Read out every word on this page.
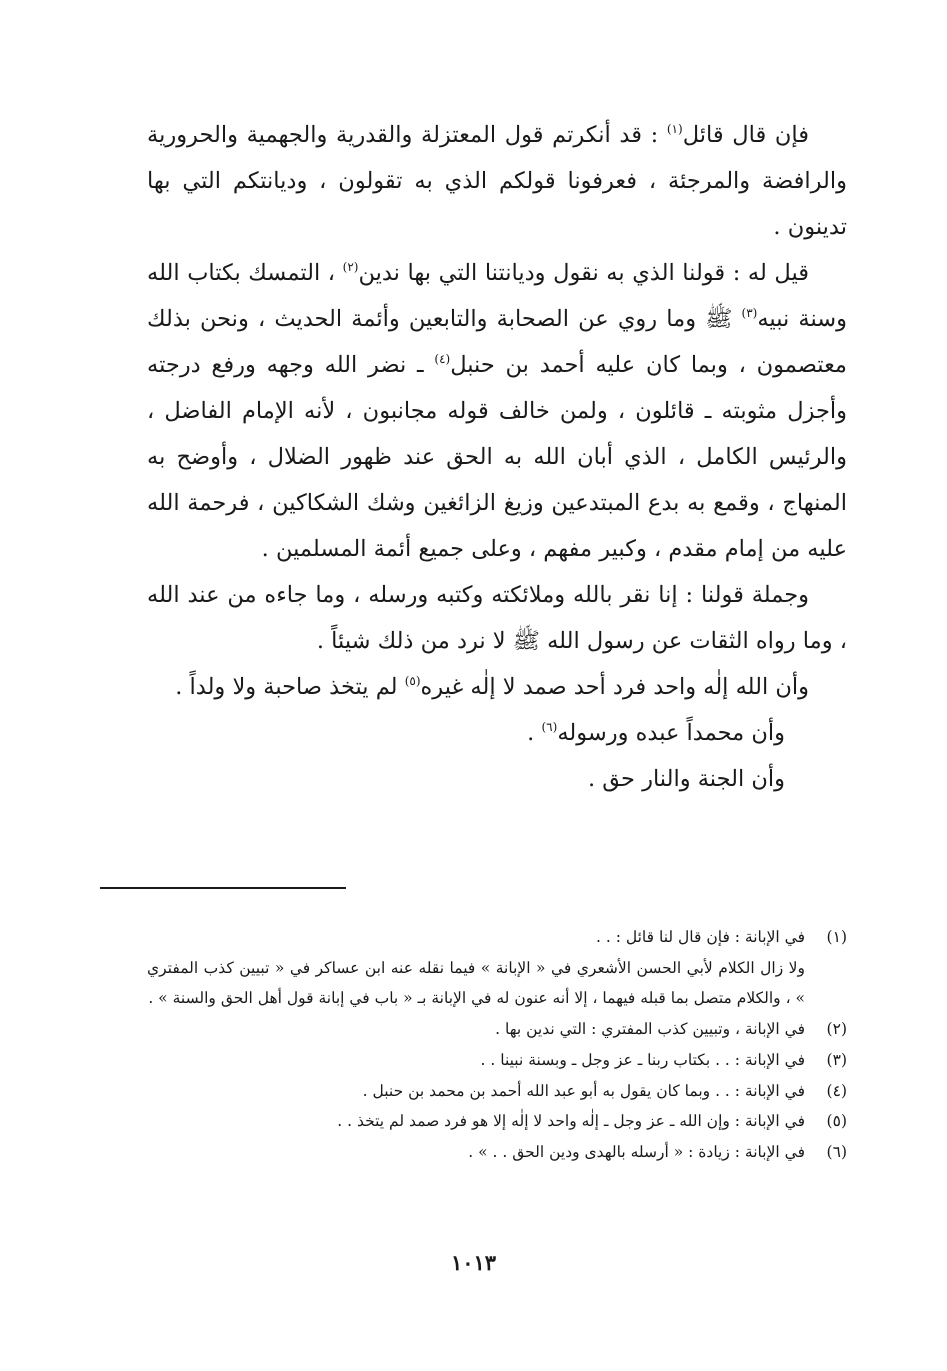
فإن قال قائل$^{(١)}$ : قد أنكرتم قول المعتزلة والقدرية والجهمية والحرورية والرافضة والمرجئة ، فعرفونا قولكم الذي به تقولون ، وديانتكم التي بها تدينون .

قيل له : قولنا الذي به نقول وديانتنا التي بها ندين$^{(٢)}$ ، التمسك بكتاب الله وسنة نبيه$^{(٣)}$ ﷺ وما روي عن الصحابة والتابعين وأئمة الحديث ، ونحن بذلك معتصمون ، وبما كان عليه أحمد بن حنبل$^{(٤)}$ ـ نضر الله وجهه ورفع درجته وأجزل مثوبته ـ قائلون ، ولمن خالف قوله مجانبون ، لأنه الإمام الفاضل ، والرئيس الكامل ، الذي أبان الله به الحق عند ظهور الضلال ، وأوضح به المنهاج ، وقمع به بدع المبتدعين وزيغ الزائغين وشك الشكاكين ، فرحمة الله عليه من إمام مقدم ، وكبير مفهم ، وعلى جميع أئمة المسلمين .

وجملة قولنا : إنا نقر بالله وملائكته وكتبه ورسله ، وما جاءه من عند الله ، وما رواه الثقات عن رسول الله ﷺ لا نرد من ذلك شيئاً .

وأن الله إلٰه واحد فرد أحد صمد لا إلٰه غيره$^{(٥)}$ لم يتخذ صاحبة ولا ولداً .

وأن محمداً عبده ورسوله$^{(٦)}$ .

وأن الجنة والنار حق .

(١)
في الإبانة : فإن قال لنا قائل : . .
ولا زال الكلام لأبي الحسن الأشعري في « الإبانة » فيما نقله عنه ابن عساكر في « تبيين كذب المفتري » ، والكلام متصل بما قبله فيهما ، إلا أنه عنون له في الإبانة بـ « باب في إبانة قول أهل الحق والسنة » .
(٢)
في الإبانة ، وتبيين كذب المفتري : التي ندين بها .
(٣)
في الإبانة : . . بكتاب ربنا ـ عز وجل ـ وبسنة نبينا . .
(٤)
في الإبانة : . . وبما كان يقول به أبو عبد الله أحمد بن محمد بن حنبل .
(٥)
في الإبانة : وإن الله ـ عز وجل ـ إلٰه واحد لا إلٰه إلا هو فرد صمد لم يتخذ . .
(٦)
في الإبانة : زيادة : « أرسله بالهدى ودين الحق . . » .
١٠١٣
